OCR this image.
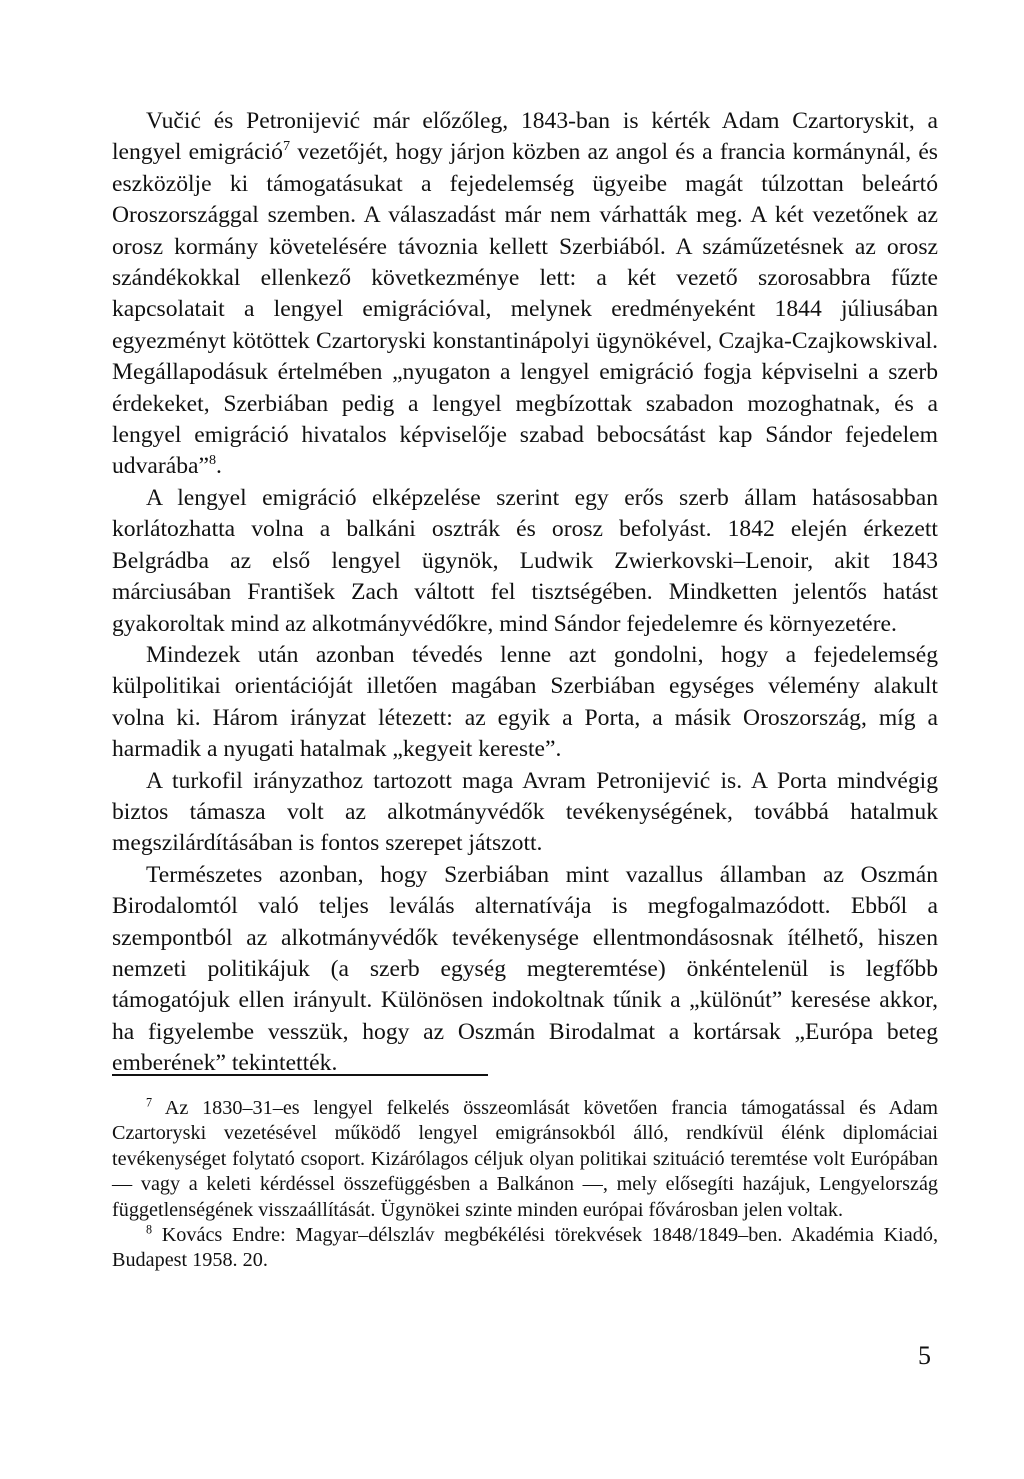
Vučić és Petronijević már előzőleg, 1843-ban is kérték Adam Czartoryskit, a lengyel emigráció$^7$ vezetőjét, hogy járjon közben az angol és a francia kormánynál, és eszközölje ki támogatásukat a fejedelemség ügyeibe magát túlzottan beleártó Oroszországgal szemben. A válaszadást már nem várhatták meg. A két vezetőnek az orosz kormány követelésére távoznia kellett Szerbiából. A száműzetésnek az orosz szándékokkal ellenkező következménye lett: a két vezető szorosabbra fűzte kapcsolatait a lengyel emigrációval, melynek eredményeként 1844 júliusában egyezményt kötöttek Czartoryski konstantinápolyi ügynökével, Czajka-Czajkowskival. Megállapodásuk értelmében „nyugaton a lengyel emigráció fogja képviselni a szerb érdekeket, Szerbiában pedig a lengyel megbízottak szabadon mozoghatnak, és a lengyel emigráció hivatalos képviselője szabad bebocsátást kap Sándor fejedelem udvarába”$^8$.

A lengyel emigráció elképzelése szerint egy erős szerb állam hatásosabban korlátozhatta volna a balkáni osztrák és orosz befolyást. 1842 elején érkezett Belgrádba az első lengyel ügynök, Ludwik Zwierkovski–Lenoir, akit 1843 márciusában František Zach váltott fel tisztségében. Mindketten jelentős hatást gyakoroltak mind az alkotmányvédőkre, mind Sándor fejedelemre és környezetére.

Mindezek után azonban tévedés lenne azt gondolni, hogy a fejedelemség külpolitikai orientációját illetően magában Szerbiában egységes vélemény alakult volna ki. Három irányzat létezett: az egyik a Porta, a másik Oroszország, míg a harmadik a nyugati hatalmak „kegyeit kereste”.

A turkofil irányzathoz tartozott maga Avram Petronijević is. A Porta mindvégig biztos támasza volt az alkotmányvédők tevékenységének, továbbá hatalmuk megszilárdításában is fontos szerepet játszott.

Természetes azonban, hogy Szerbiában mint vazallus államban az Oszmán Birodalomtól való teljes leválás alternatívája is megfogalmazódott. Ebből a szempontból az alkotmányvédők tevékenysége ellentmondásosnak ítélhető, hiszen nemzeti politikájuk (a szerb egység megteremtése) önkéntelenül is legfőbb támogatójuk ellen irányult. Különösen indokoltnak tűnik a „különút” keresése akkor, ha figyelembe vesszük, hogy az Oszmán Birodalmat a kortársak „Európa beteg emberének” tekintették.

$^7$ Az 1830–31–es lengyel felkelés összeomlását követően francia támogatással és Adam Czartoryski vezetésével működő lengyel emigránsokból álló, rendkívül élénk diplomáciai tevékenységet folytató csoport. Kizárólagos céljuk olyan politikai szituáció teremtése volt Európában — vagy a keleti kérdéssel összefüggésben a Balkánon —, mely elősegíti hazájuk, Lengyelország függetlenségének visszaállítását. Ügynökei szinte minden európai fővárosban jelen voltak.

$^8$ Kovács Endre: Magyar–délszláv megbékélési törekvések 1848/1849–ben. Akadémia Kiadó, Budapest 1958. 20.

5
